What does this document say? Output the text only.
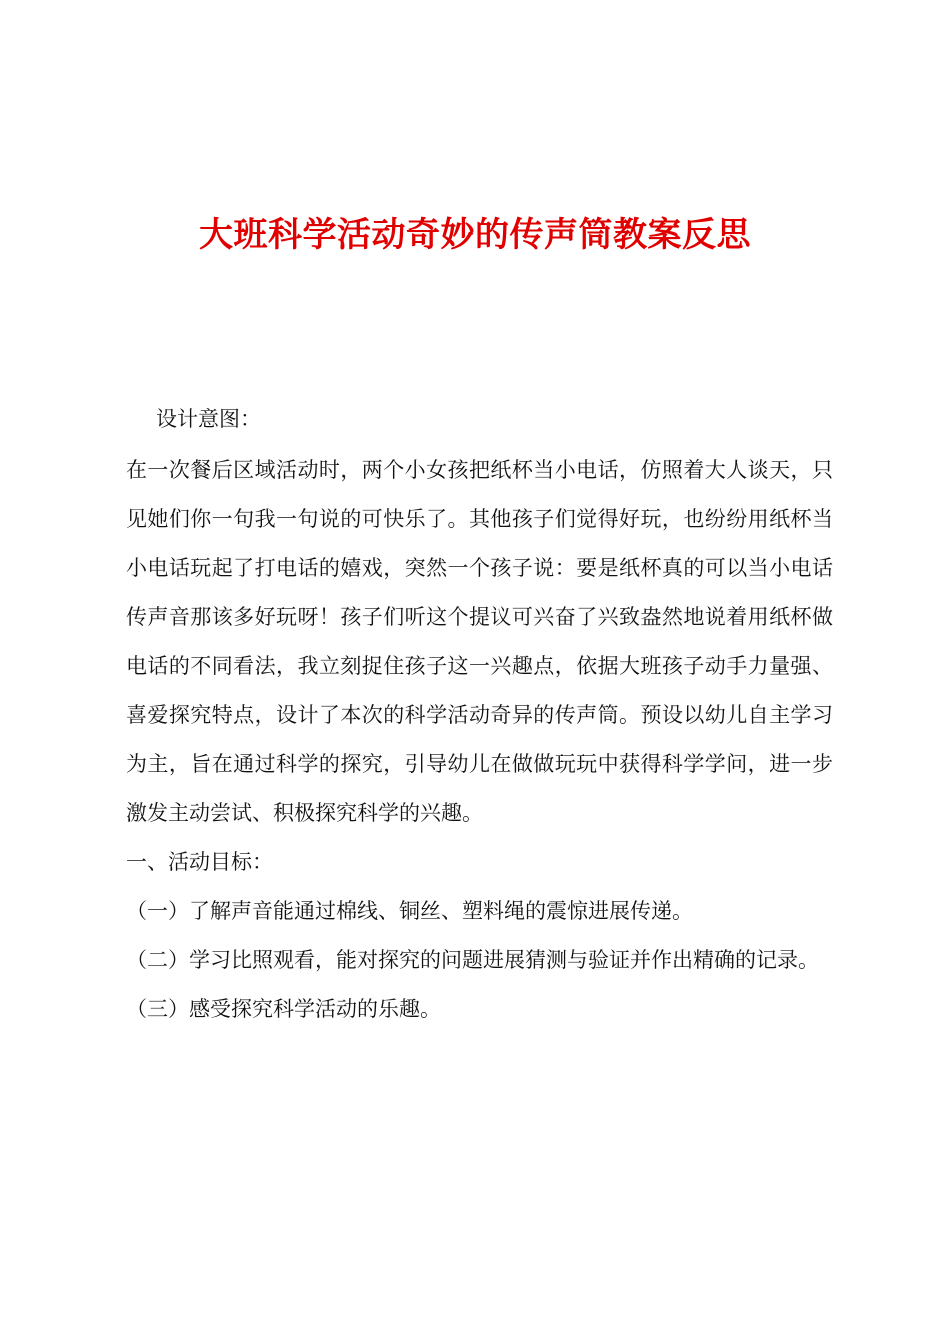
大班科学活动奇妙的传声筒教案反思

设计意图：

在一次餐后区域活动时，两个小女孩把纸杯当小电话，仿照着大人谈天，只见她们你一句我一句说的可快乐了。其他孩子们觉得好玩，也纷纷用纸杯当小电话玩起了打电话的嬉戏，突然一个孩子说：要是纸杯真的可以当小电话传声音那该多好玩呀！孩子们听这个提议可兴奋了兴致盎然地说着用纸杯做电话的不同看法，我立刻捉住孩子这一兴趣点，依据大班孩子动手力量强、喜爱探究特点，设计了本次的科学活动奇异的传声筒。预设以幼儿自主学习为主，旨在通过科学的探究，引导幼儿在做做玩玩中获得科学学问，进一步激发主动尝试、积极探究科学的兴趣。

一、活动目标：

（一）了解声音能通过棉线、铜丝、塑料绳的震惊进展传递。

（二）学习比照观看，能对探究的问题进展猜测与验证并作出精确的记录。

（三）感受探究科学活动的乐趣。
